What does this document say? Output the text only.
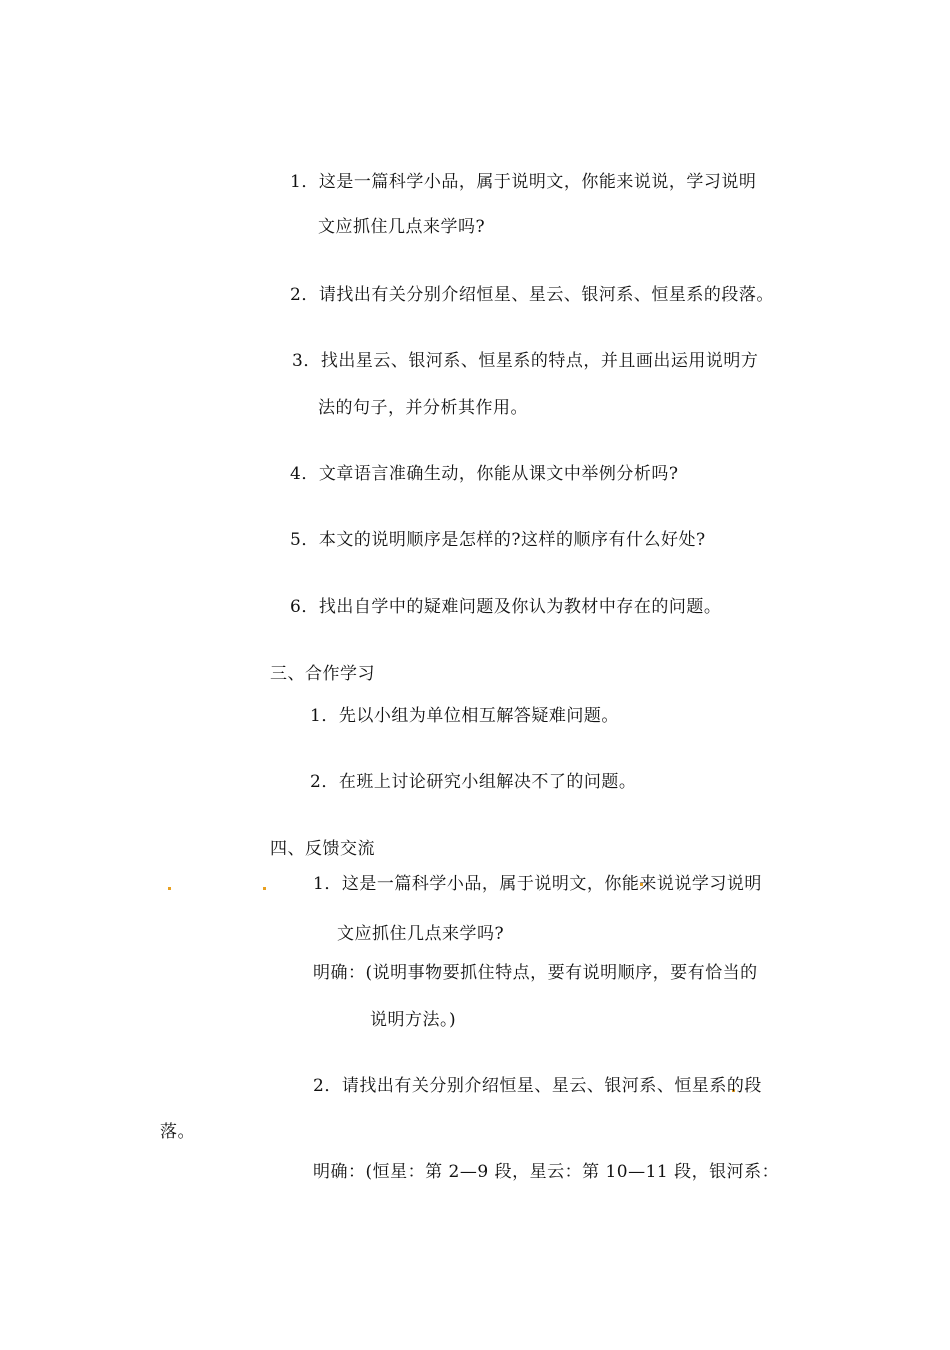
1．这是一篇科学小品，属于说明文，你能来说说，学习说明
文应抓住几点来学吗?
2．请找出有关分别介绍恒星、星云、银河系、恒星系的段落。
3．找出星云、银河系、恒星系的特点，并且画出运用说明方
法的句子，并分析其作用。
4．文章语言准确生动，你能从课文中举例分析吗?
5．本文的说明顺序是怎样的?这样的顺序有什么好处?
6．找出自学中的疑难问题及你认为教材中存在的问题。
三、合作学习
1．先以小组为单位相互解答疑难问题。
2．在班上讨论研究小组解决不了的问题。
四、反馈交流
1．这是一篇科学小品，属于说明文，你能来说说学习说明
文应抓住几点来学吗?
明确：(说明事物要抓住特点，要有说明顺序，要有恰当的
说明方法。)
2．请找出有关分别介绍恒星、星云、银河系、恒星系的段
落。
明确：(恒星：第 2—9 段，星云：第 10—11 段，银河系：
